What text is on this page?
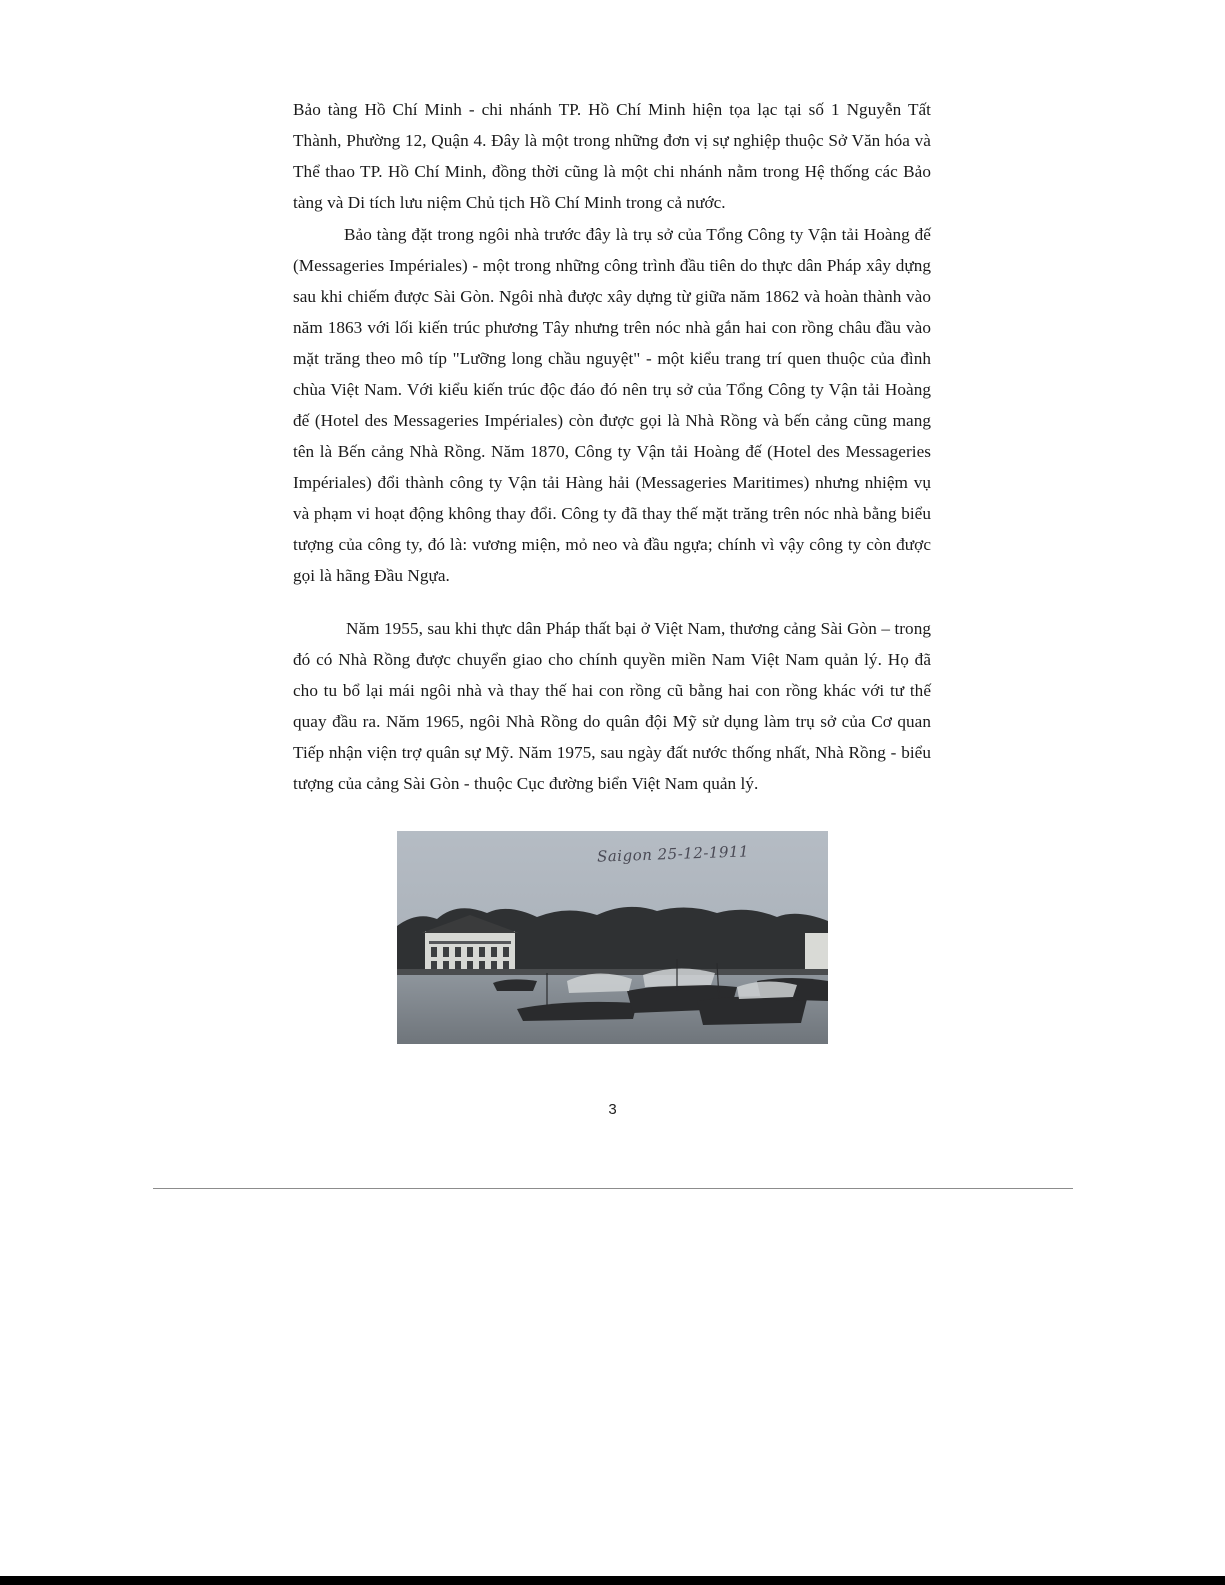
Bảo tàng Hồ Chí Minh - chi nhánh TP. Hồ Chí Minh hiện tọa lạc tại số 1 Nguyễn Tất Thành, Phường 12, Quận 4. Đây là một trong những đơn vị sự nghiệp thuộc Sở Văn hóa và Thể thao TP. Hồ Chí Minh, đồng thời cũng là một chi nhánh nằm trong Hệ thống các Bảo tàng và Di tích lưu niệm Chủ tịch Hồ Chí Minh trong cả nước.

Bảo tàng đặt trong ngôi nhà trước đây là trụ sở của Tổng Công ty Vận tải Hoàng đế (Messageries Impériales) - một trong những công trình đầu tiên do thực dân Pháp xây dựng sau khi chiếm được Sài Gòn. Ngôi nhà được xây dựng từ giữa năm 1862 và hoàn thành vào năm 1863 với lối kiến trúc phương Tây nhưng trên nóc nhà gắn hai con rồng châu đầu vào mặt trăng theo mô típ "Lưỡng long chầu nguyệt" - một kiểu trang trí quen thuộc của đình chùa Việt Nam. Với kiểu kiến trúc độc đáo đó nên trụ sở của Tổng Công ty Vận tải Hoàng đế (Hotel des Messageries Impériales) còn được gọi là Nhà Rồng và bến cảng cũng mang tên là Bến cảng Nhà Rồng. Năm 1870, Công ty Vận tải Hoàng đế (Hotel des Messageries Impériales) đổi thành công ty Vận tải Hàng hải (Messageries Maritimes) nhưng nhiệm vụ và phạm vi hoạt động không thay đổi. Công ty đã thay thế mặt trăng trên nóc nhà bằng biểu tượng của công ty, đó là: vương miện, mỏ neo và đầu ngựa; chính vì vậy công ty còn được gọi là hãng Đầu Ngựa.

Năm 1955, sau khi thực dân Pháp thất bại ở Việt Nam, thương cảng Sài Gòn – trong đó có Nhà Rồng được chuyển giao cho chính quyền miền Nam Việt Nam quản lý. Họ đã cho tu bổ lại mái ngôi nhà và thay thế hai con rồng cũ bằng hai con rồng khác với tư thế quay đầu ra. Năm 1965, ngôi Nhà Rồng do quân đội Mỹ sử dụng làm trụ sở của Cơ quan Tiếp nhận viện trợ quân sự Mỹ. Năm 1975, sau ngày đất nước thống nhất, Nhà Rồng - biểu tượng của cảng Sài Gòn - thuộc Cục đường biển Việt Nam quản lý.

Saigon 25-12-1911
3
